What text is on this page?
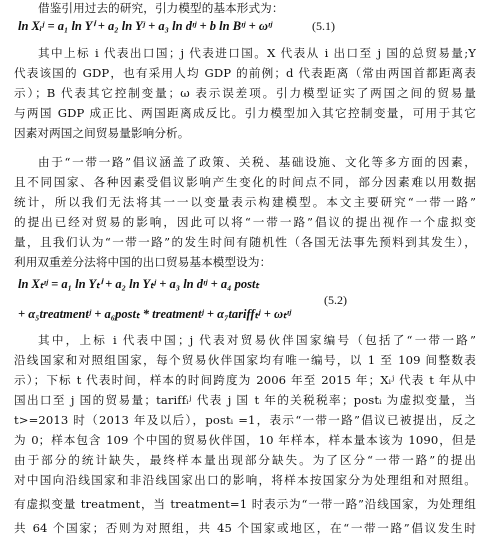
借鉴引用过去的研究，引力模型的基本形式为：
ln Xᵢʲ = a₁ ln Yⁱ + a₂ ln Yʲ + a₃ ln dᶦʲ + b ln Bᶦʲ + ωᶦʲ	(5.1)
其中上标 i 代表出口国；j 代表进口国。X 代表从 i 出口至 j 国的总贸易量;Y
代表该国的 GDP，也有采用人均 GDP 的前例；d 代表距离（常由两国首都距离表
示）；B 代表其它控制变量；ω 表示误差项。引力模型证实了两国之间的贸易量
与两国 GDP 成正比、两国距离成反比。引力模型加入其它控制变量，可用于其它
因素对两国之间贸易量影响分析。
由于“一带一路”倡议涵盖了政策、关税、基础设施、文化等多方面的因素，
且不同国家、各种因素受倡议影响产生变化的时间点不同，部分因素难以用数据
统计，所以我们无法将其一一以变量表示构建模型。本文主要研究“一带一路”
的提出已经对贸易的影响，因此可以将“一带一路”倡议的提出视作一个虚拟变
量，且我们认为“一带一路”的发生时间有随机性（各国无法事先预料到其发生），
利用双重差分法将中国的出口贸易基本模型设为：
ln Xₜᶦʲ = a₁ ln Yₜⁱ + a₂ ln Yₜʲ + a₃ ln dᶦʲ + a₄ postₜ
(5.2)
+ α₅treatmentʲ + a₆postₜ * treatmentʲ + α₇tariffₜʲ + ωₜᶦʲ
其中，上标 i 代表中国；j 代表对贸易伙伴国家编号（包括了“一带一路”
沿线国家和对照组国家，每个贸易伙伴国家均有唯一编号，以 1 至 109 间整数表
示）；下标 t 代表时间，样本的时间跨度为 2006 年至 2015 年；Xᵢʲ 代表 t 年从中
国出口至 j 国的贸易量；tariffᵢʲ 代表 j 国 t 年的关税税率；postᵢ 为虚拟变量，当
t>=2013 时（2013 年及以后），postᵢ =1，表示“一带一路”倡议已被提出，反之
为 0；样本包含 109 个中国的贸易伙伴国，10 年样本，样本量本该为 1090，但是
由于部分的统计缺失，最终样本量出现部分缺失。为了区分“一带一路”的提出
对中国向沿线国家和非沿线国家出口的影响，将样本按国家分为处理组和对照组。
有虚拟变量 treatment，当 treatment=1 时表示为“一带一路”沿线国家，为处理组
共 64 个国家；否则为对照组，共 45 个国家或地区，在“一带一路”倡议发生时
